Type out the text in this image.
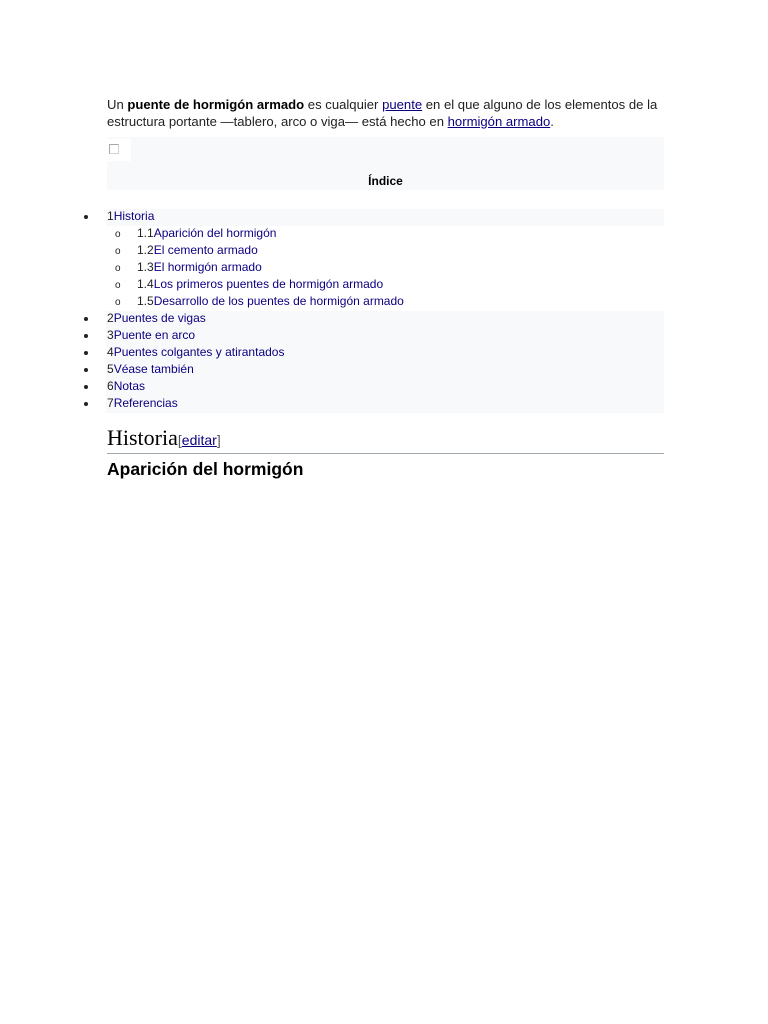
Un puente de hormigón armado es cualquier puente en el que alguno de los elementos de la estructura portante —tablero, arco o viga— está hecho en hormigón armado.

Índice
1Historia
o 1.1Aparición del hormigón
o 1.2El cemento armado
o 1.3El hormigón armado
o 1.4Los primeros puentes de hormigón armado
o 1.5Desarrollo de los puentes de hormigón armado
2Puentes de vigas
3Puente en arco
4Puentes colgantes y atirantados
5Véase también
6Notas
7Referencias
Historia[editar]
Aparición del hormigón
